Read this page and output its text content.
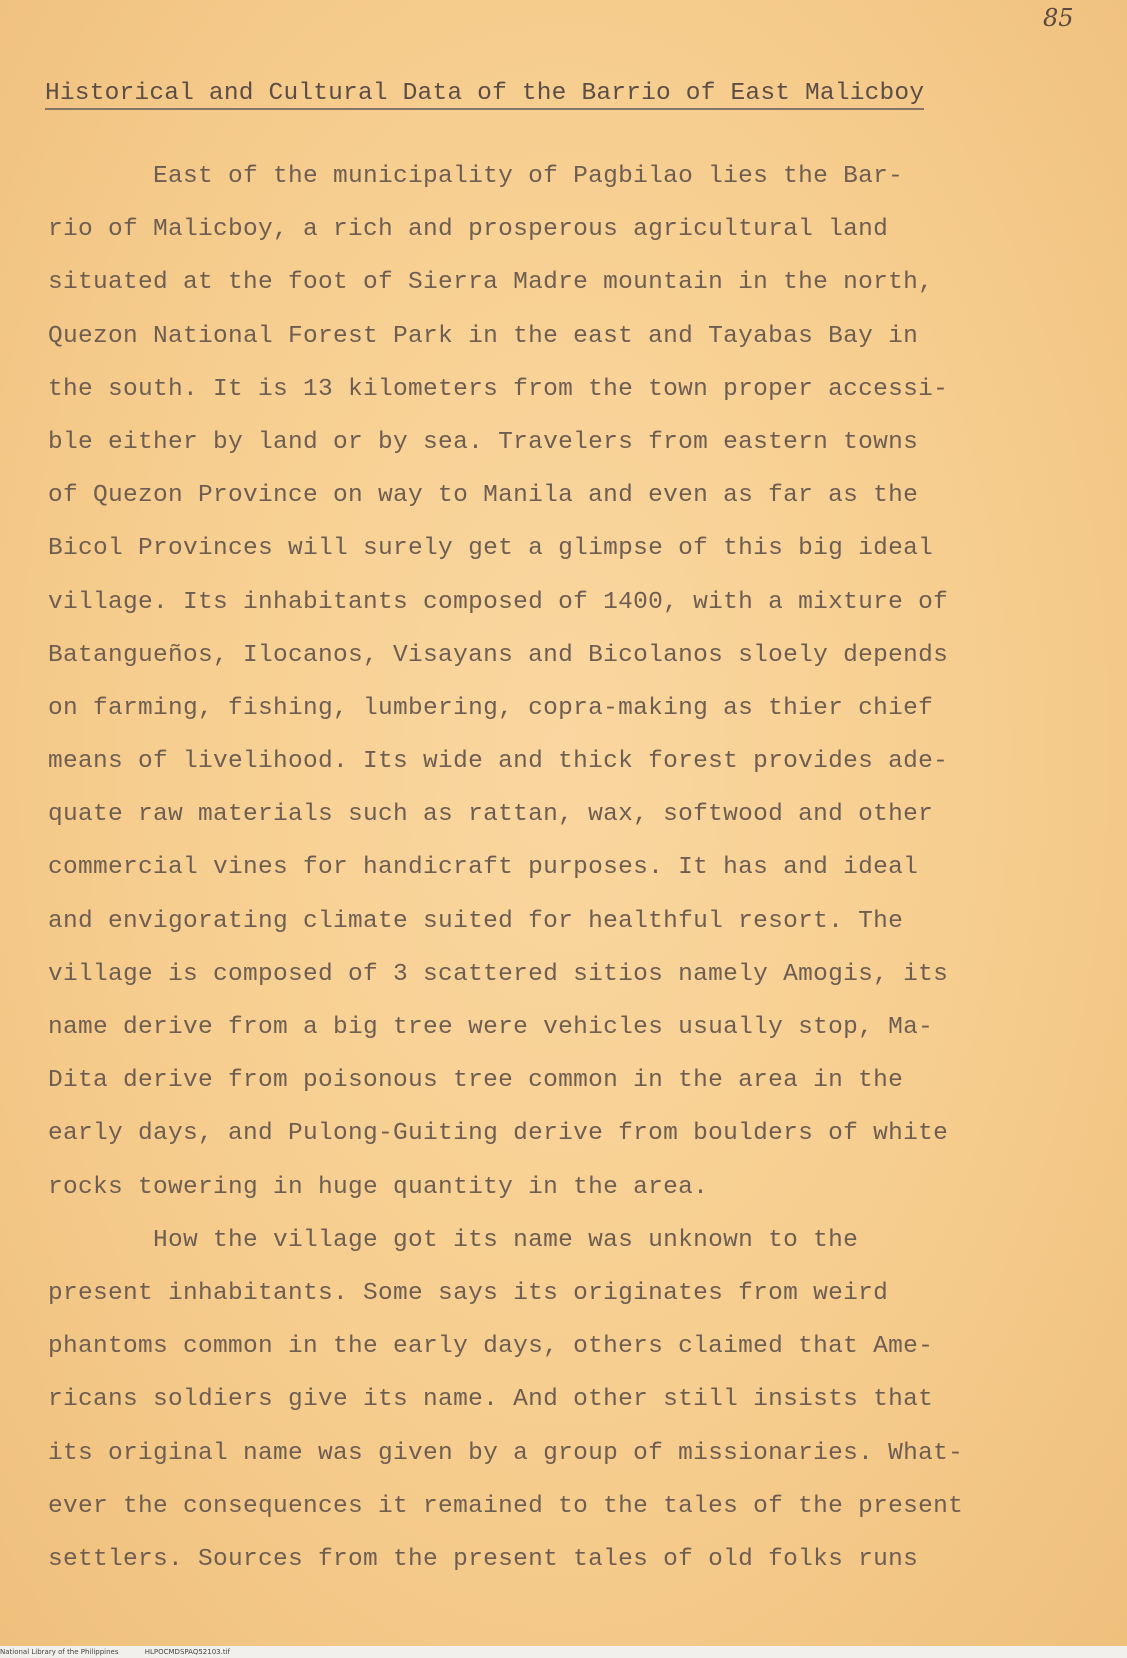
85
Historical and Cultural Data of the Barrio of East Malicboy
East of the municipality of Pagbilao lies the Bar-
rio of Malicboy, a rich and prosperous agricultural land
situated at the foot of Sierra Madre mountain in the north,
Quezon National Forest Park in the east and Tayabas Bay in
the south. It is 13 kilometers from the town proper accessi-
ble either by land or by sea. Travelers from eastern towns
of Quezon Province on way to Manila and even as far as the
Bicol Provinces will surely get a glimpse of this big ideal
village. Its inhabitants composed of 1400, with a mixture of
Batangueños, Ilocanos, Visayans and Bicolanos sloely depends
on farming, fishing, lumbering, copra-making as thier chief
means of livelihood. Its wide and thick forest provides ade-
quate raw materials such as rattan, wax, softwood and other
commercial vines for handicraft purposes. It has and ideal
and envigorating climate suited for healthful resort. The
village is composed of 3 scattered sitios namely Amogis, its
name derive from a big tree were vehicles usually stop, Ma-
Dita derive from poisonous tree common in the area in the
early days, and Pulong-Guiting derive from boulders of white
rocks towering in huge quantity in the area.
How the village got its name was unknown to the
present inhabitants. Some says its originates from weird
phantoms common in the early days, others claimed that Ame-
ricans soldiers give its name. And other still insists that
its original name was given by a group of missionaries. What-
ever the consequences it remained to the tales of the present
settlers. Sources from the present tales of old folks runs
National Library of the Philippines	HLPOCMDSPAQ52103.tif
